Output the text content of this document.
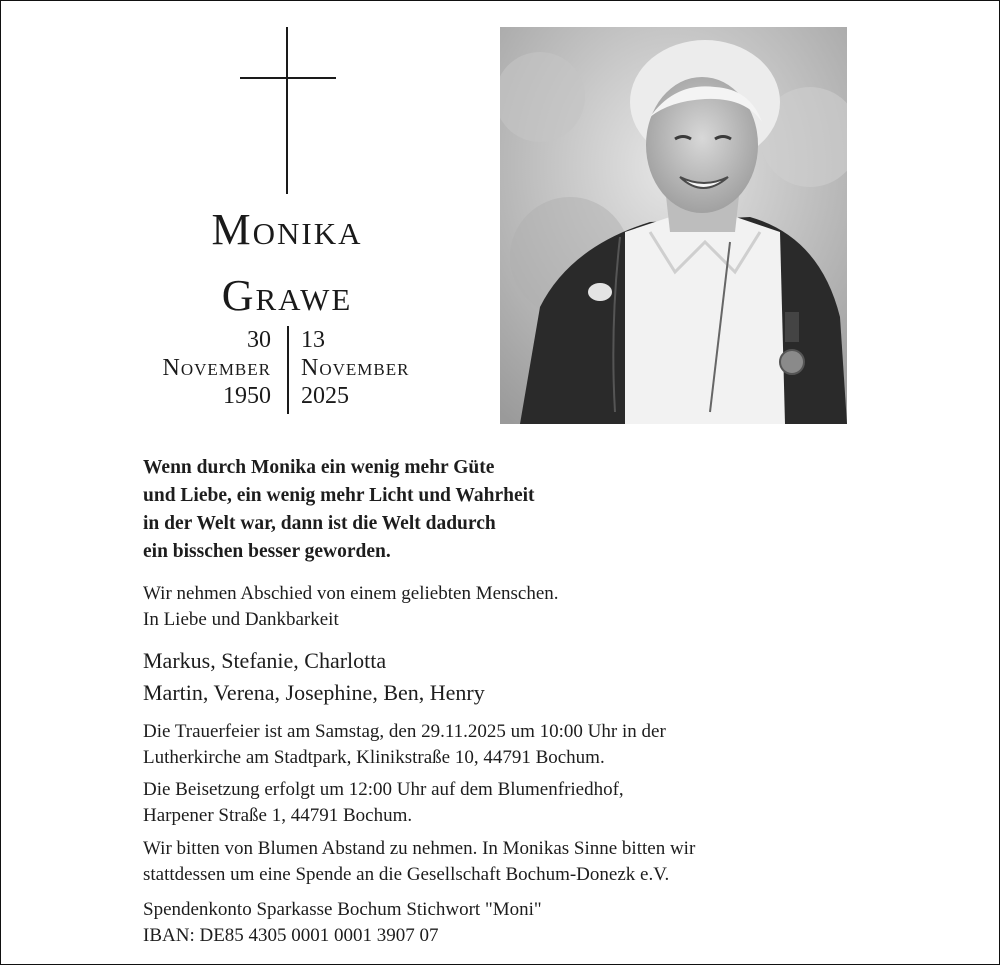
Monika
Grawe
30
November
1950
13
November
2025
Wenn durch Monika ein wenig mehr Güte
und Liebe, ein wenig mehr Licht und Wahrheit
in der Welt war, dann ist die Welt dadurch
ein bisschen besser geworden.
Wir nehmen Abschied von einem geliebten Menschen.
In Liebe und Dankbarkeit
Markus, Stefanie, Charlotta
Martin, Verena, Josephine, Ben, Henry
Die Trauerfeier ist am Samstag, den 29.11.2025 um 10:00 Uhr in der
Lutherkirche am Stadtpark, Klinikstraße 10, 44791 Bochum.
Die Beisetzung erfolgt um 12:00 Uhr auf dem Blumenfriedhof,
Harpener Straße 1, 44791 Bochum.
Wir bitten von Blumen Abstand zu nehmen. In Monikas Sinne bitten wir
stattdessen um eine Spende an die Gesellschaft Bochum-Donezk e.V.
Spendenkonto Sparkasse Bochum Stichwort "Moni"
IBAN: DE85 4305 0001 0001 3907 07
